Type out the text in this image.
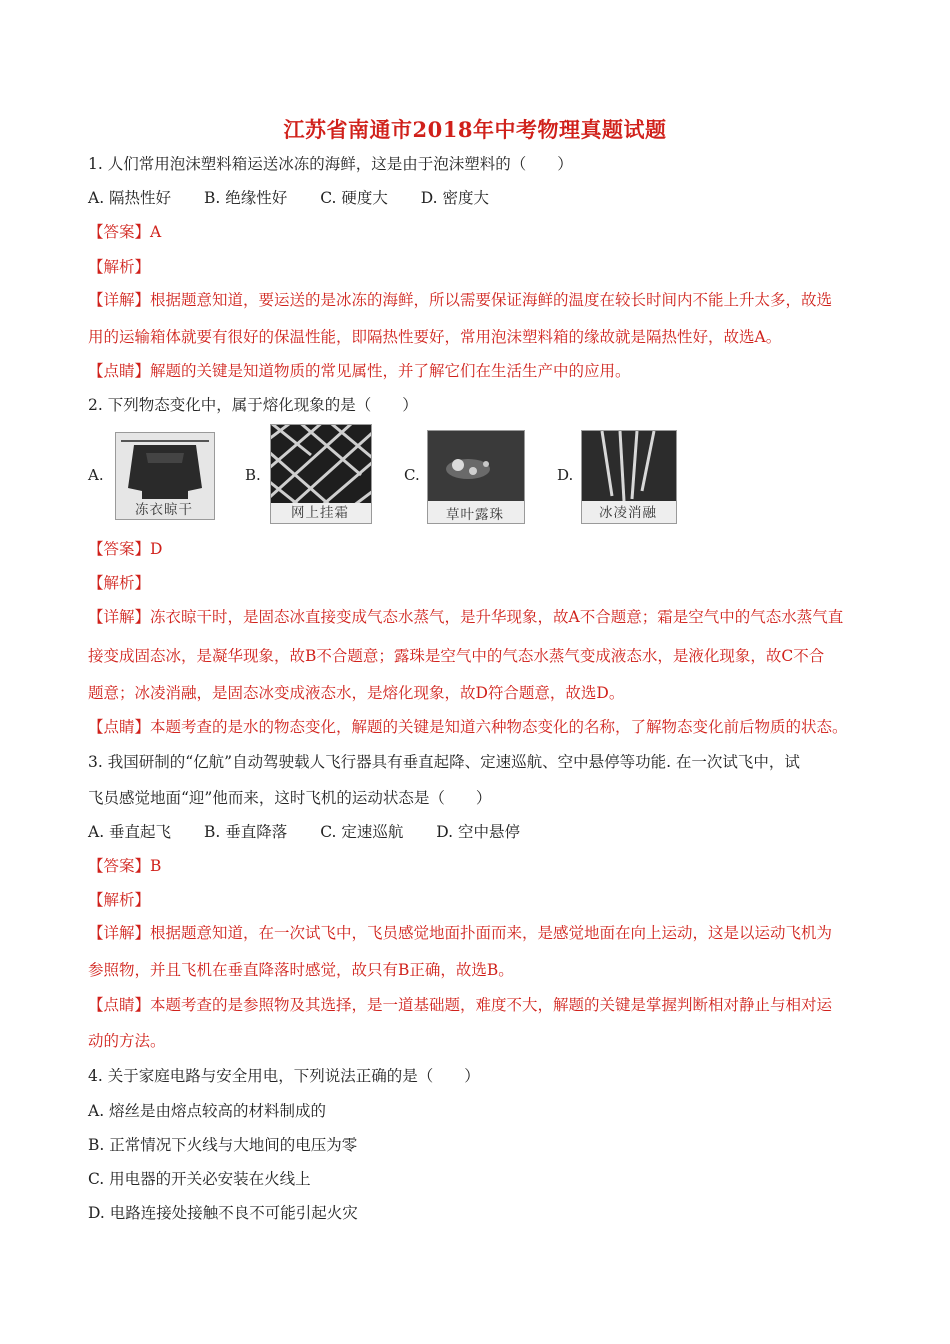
江苏省南通市2018年中考物理真题试题
1. 人们常用泡沫塑料箱运送冰冻的海鲜，这是由于泡沫塑料的（　　）
A. 隔热性好 B. 绝缘性好 C. 硬度大 D. 密度大
【答案】A
【解析】
【详解】根据题意知道，要运送的是冰冻的海鲜，所以需要保证海鲜的温度在较长时间内不能上升太多，故选
用的运输箱体就要有很好的保温性能，即隔热性要好，常用泡沫塑料箱的缘故就是隔热性好，故选A。
【点睛】解题的关键是知道物质的常见属性，并了解它们在生活生产中的应用。
2. 下列物态变化中，属于熔化现象的是（　　）
A.
冻衣晾干
B.
网上挂霜
C.
草叶露珠
D.
冰凌消融
【答案】D
【解析】
【详解】冻衣晾干时，是固态冰直接变成气态水蒸气，是升华现象，故A不合题意；霜是空气中的气态水蒸气直
接变成固态冰，是凝华现象，故B不合题意；露珠是空气中的气态水蒸气变成液态水，是液化现象，故C不合
题意；冰凌消融，是固态冰变成液态水，是熔化现象，故D符合题意，故选D。
【点睛】本题考查的是水的物态变化，解题的关键是知道六种物态变化的名称，了解物态变化前后物质的状态。
3. 我国研制的“亿航”自动驾驶载人飞行器具有垂直起降、定速巡航、空中悬停等功能. 在一次试飞中，试
飞员感觉地面“迎”他而来，这时飞机的运动状态是（　　）
A. 垂直起飞 B. 垂直降落 C. 定速巡航 D. 空中悬停
【答案】B
【解析】
【详解】根据题意知道，在一次试飞中，飞员感觉地面扑面而来，是感觉地面在向上运动，这是以运动飞机为
参照物，并且飞机在垂直降落时感觉，故只有B正确，故选B。
【点睛】本题考查的是参照物及其选择，是一道基础题，难度不大，解题的关键是掌握判断相对静止与相对运
动的方法。
4. 关于家庭电路与安全用电，下列说法正确的是（　　）
A. 熔丝是由熔点较高的材料制成的
B. 正常情况下火线与大地间的电压为零
C. 用电器的开关必安装在火线上
D. 电路连接处接触不良不可能引起火灾
